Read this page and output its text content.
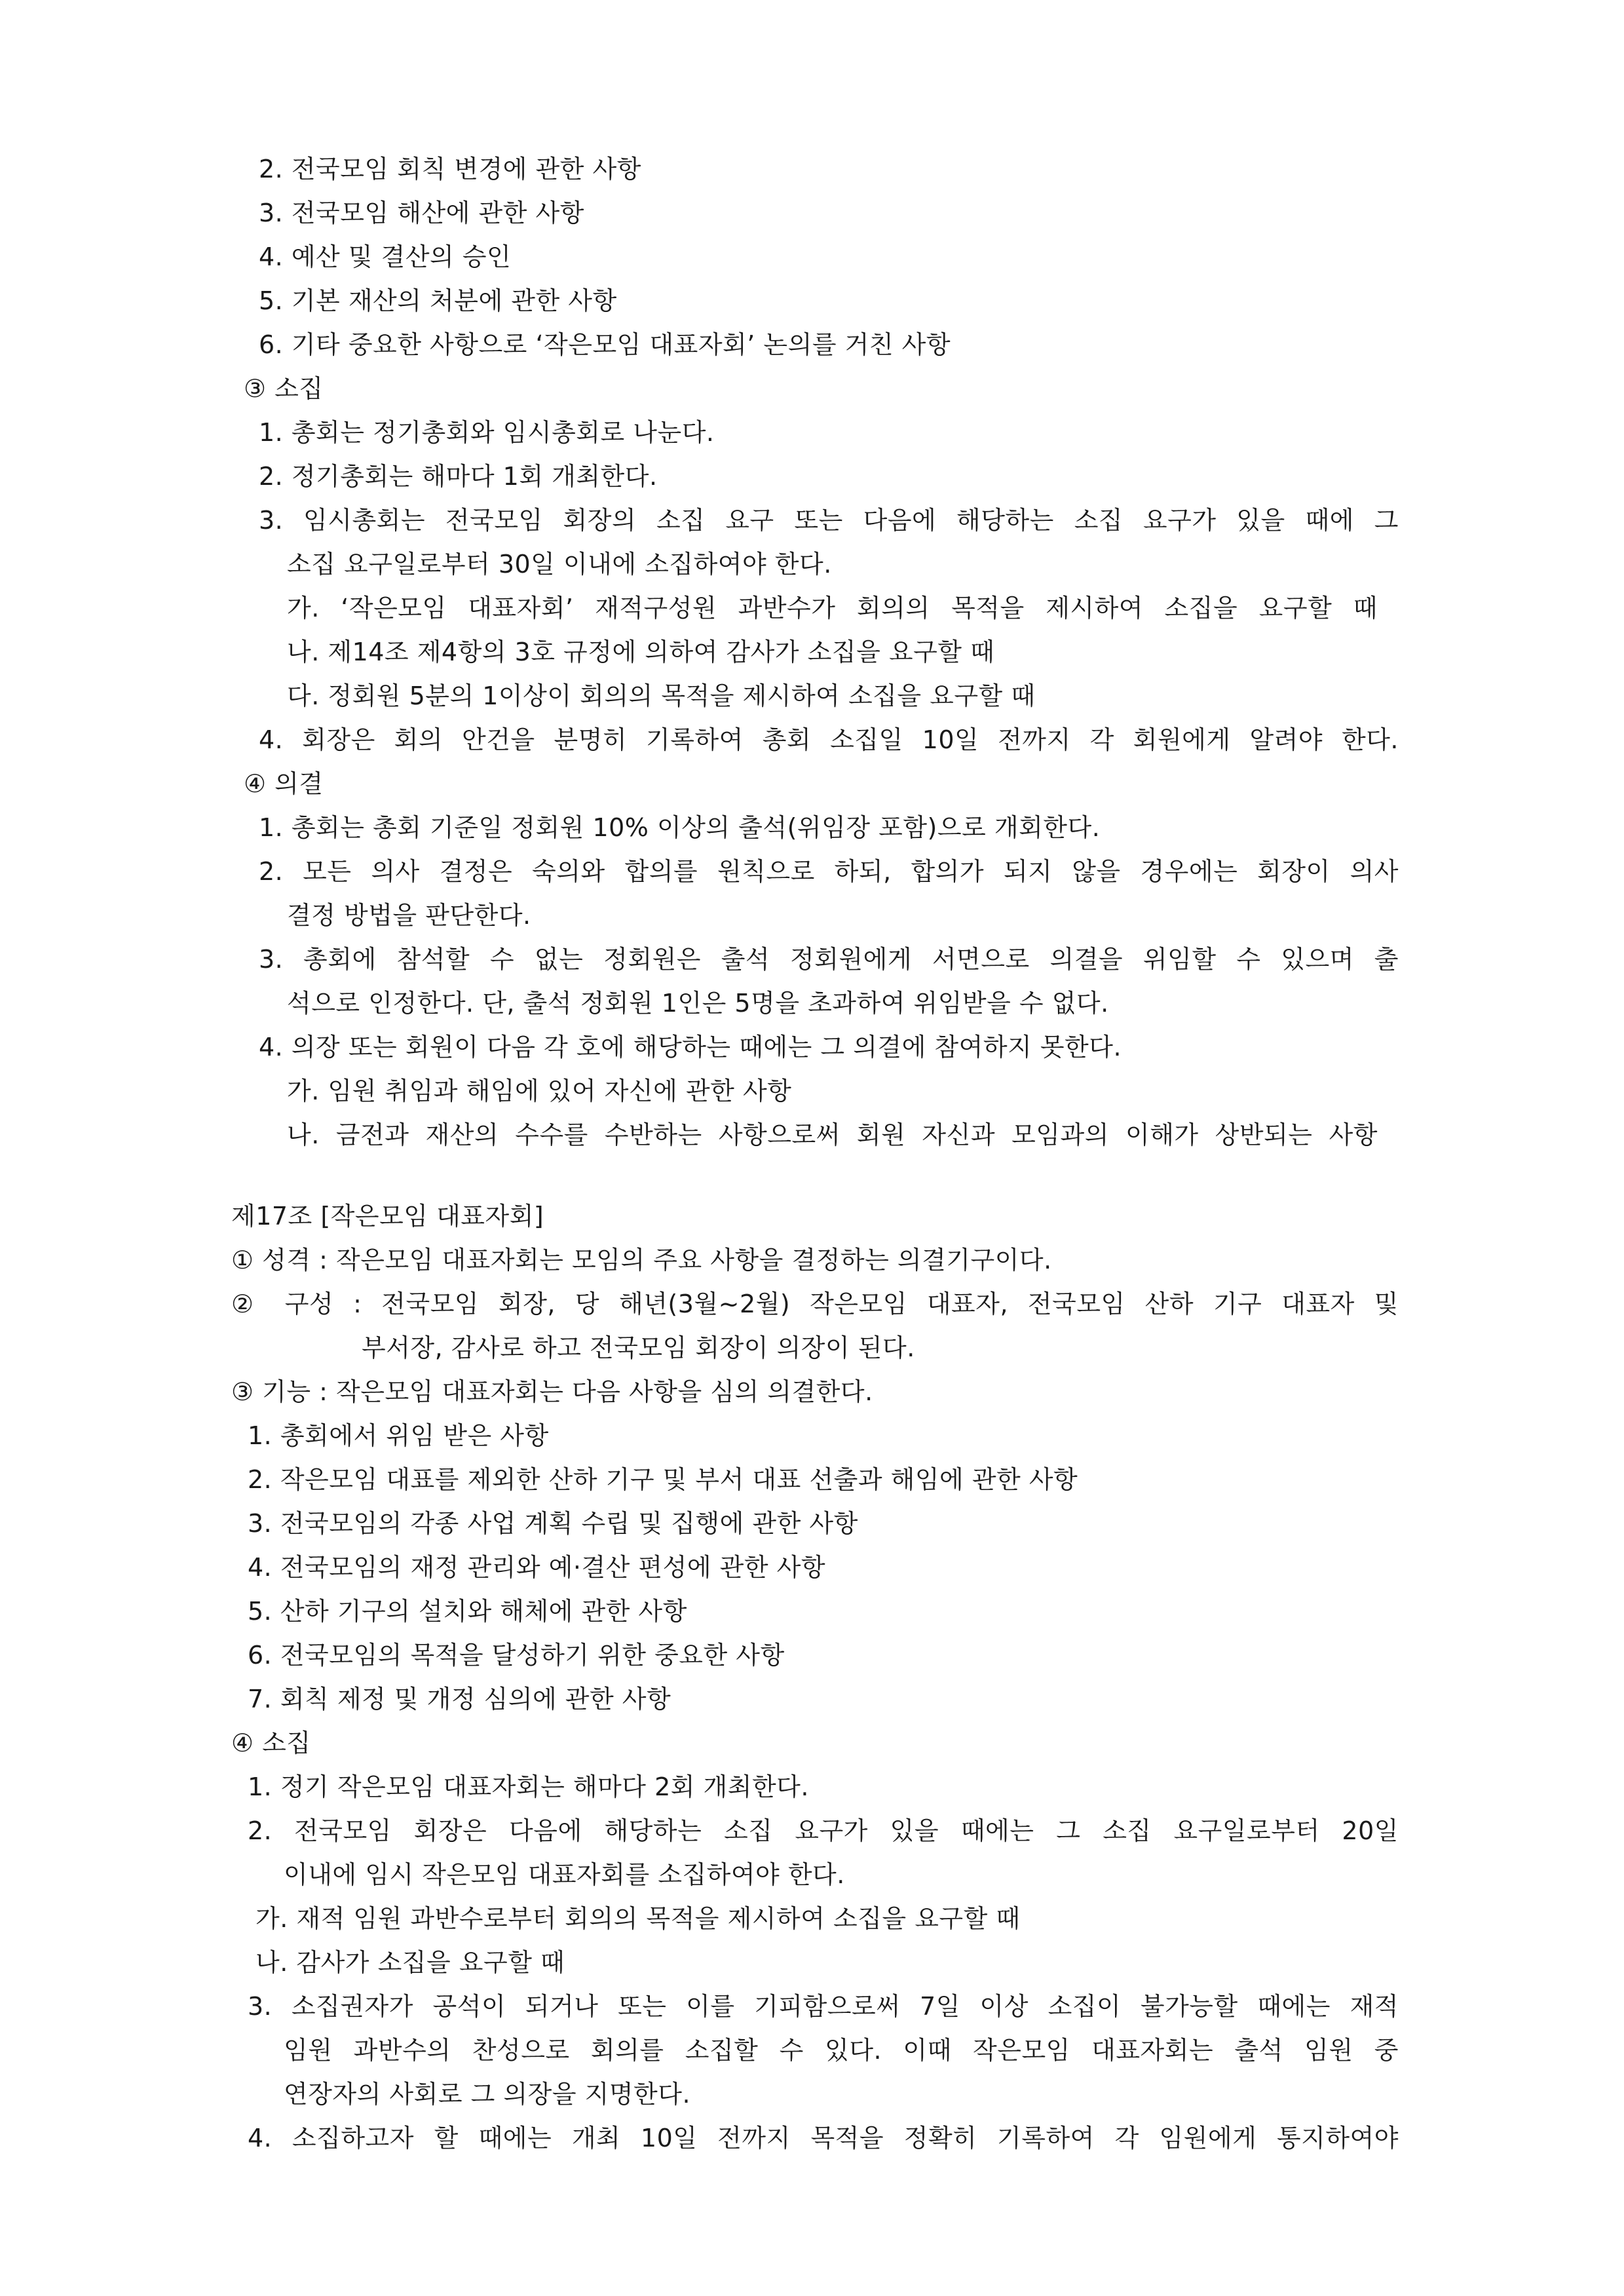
2. 전국모임 회칙 변경에 관한 사항
3. 전국모임 해산에 관한 사항
4. 예산 및 결산의 승인
5. 기본 재산의 처분에 관한 사항
6. 기타 중요한 사항으로 ‘작은모임 대표자회’ 논의를 거친 사항
③ 소집
1. 총회는 정기총회와 임시총회로 나눈다.
2. 정기총회는 해마다 1회 개최한다.
3. 임시총회는 전국모임 회장의 소집 요구 또는 다음에 해당하는 소집 요구가 있을 때에 그
소집 요구일로부터 30일 이내에 소집하여야 한다.
가. ‘작은모임 대표자회’ 재적구성원 과반수가 회의의 목적을 제시하여 소집을 요구할 때
나. 제14조 제4항의 3호 규정에 의하여 감사가 소집을 요구할 때
다. 정회원 5분의 1이상이 회의의 목적을 제시하여 소집을 요구할 때
4. 회장은 회의 안건을 분명히 기록하여 총회 소집일 10일 전까지 각 회원에게 알려야 한다.
④ 의결
1. 총회는 총회 기준일 정회원 10% 이상의 출석(위임장 포함)으로 개회한다.
2. 모든 의사 결정은 숙의와 합의를 원칙으로 하되, 합의가 되지 않을 경우에는 회장이 의사
결정 방법을 판단한다.
3. 총회에 참석할 수 없는 정회원은 출석 정회원에게 서면으로 의결을 위임할 수 있으며 출
석으로 인정한다. 단, 출석 정회원 1인은 5명을 초과하여 위임받을 수 없다.
4. 의장 또는 회원이 다음 각 호에 해당하는 때에는 그 의결에 참여하지 못한다.
가. 임원 취임과 해임에 있어 자신에 관한 사항
나. 금전과 재산의 수수를 수반하는 사항으로써 회원 자신과 모임과의 이해가 상반되는 사항
제17조 [작은모임 대표자회]
① 성격 : 작은모임 대표자회는 모임의 주요 사항을 결정하는 의결기구이다.
② 구성 : 전국모임 회장, 당 해년(3월~2월) 작은모임 대표자, 전국모임 산하 기구 대표자 및
부서장, 감사로 하고 전국모임 회장이 의장이 된다.
③ 기능 : 작은모임 대표자회는 다음 사항을 심의 의결한다.
1. 총회에서 위임 받은 사항
2. 작은모임 대표를 제외한 산하 기구 및 부서 대표 선출과 해임에 관한 사항
3. 전국모임의 각종 사업 계획 수립 및 집행에 관한 사항
4. 전국모임의 재정 관리와 예·결산 편성에 관한 사항
5. 산하 기구의 설치와 해체에 관한 사항
6. 전국모임의 목적을 달성하기 위한 중요한 사항
7. 회칙 제정 및 개정 심의에 관한 사항
④ 소집
1. 정기 작은모임 대표자회는 해마다 2회 개최한다.
2. 전국모임 회장은 다음에 해당하는 소집 요구가 있을 때에는 그 소집 요구일로부터 20일
이내에 임시 작은모임 대표자회를 소집하여야 한다.
가. 재적 임원 과반수로부터 회의의 목적을 제시하여 소집을 요구할 때
나. 감사가 소집을 요구할 때
3. 소집권자가 공석이 되거나 또는 이를 기피함으로써 7일 이상 소집이 불가능할 때에는 재적
임원 과반수의 찬성으로 회의를 소집할 수 있다. 이때 작은모임 대표자회는 출석 임원 중
연장자의 사회로 그 의장을 지명한다.
4. 소집하고자 할 때에는 개최 10일 전까지 목적을 정확히 기록하여 각 임원에게 통지하여야
